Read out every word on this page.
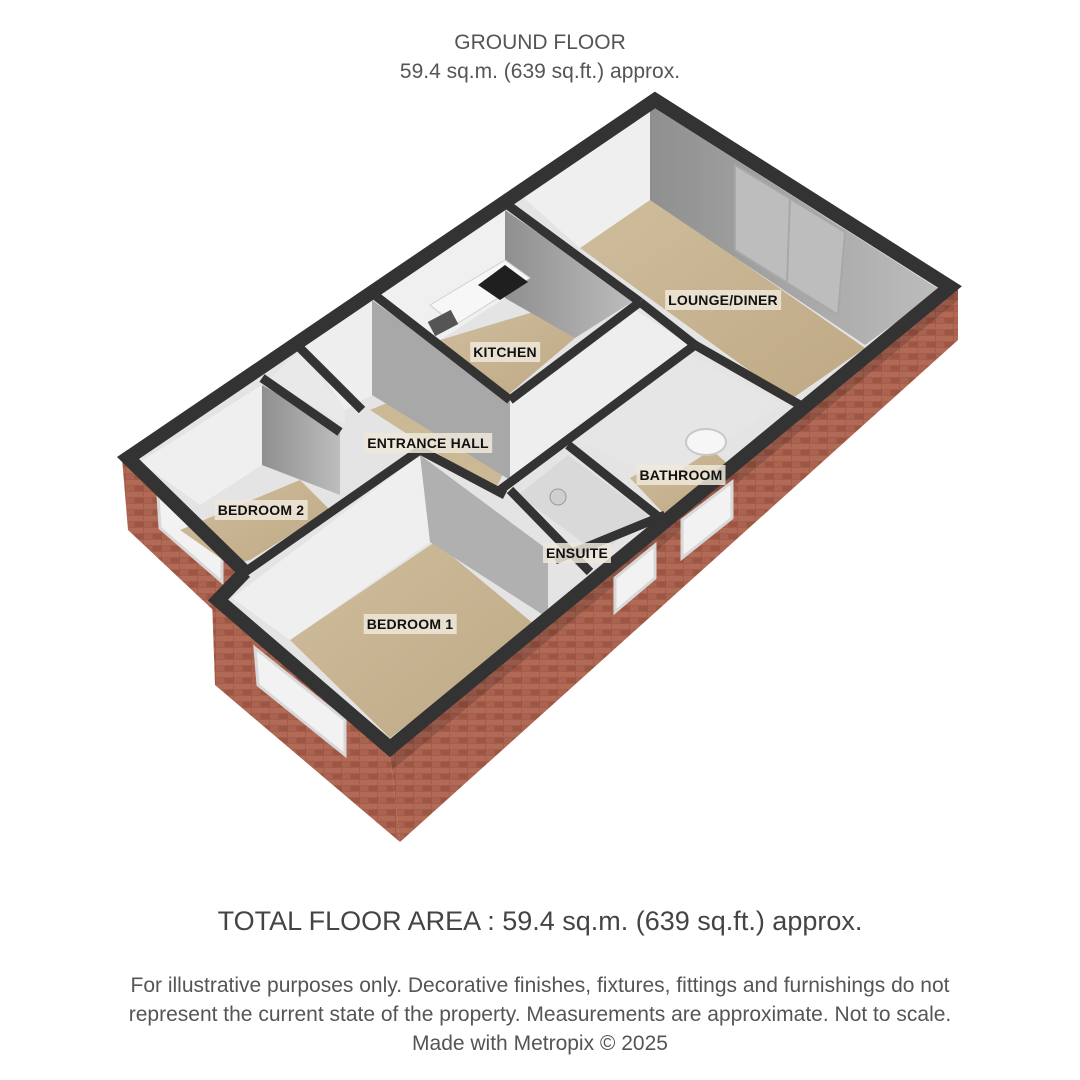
GROUND FLOOR
59.4 sq.m. (639 sq.ft.) approx.
LOUNGE/DINER
KITCHEN
ENTRANCE HALL
BATHROOM
BEDROOM 2
ENSUITE
BEDROOM 1
TOTAL FLOOR AREA : 59.4 sq.m. (639 sq.ft.) approx.
For illustrative purposes only. Decorative finishes, fixtures, fittings and furnishings do not
represent the current state of the property. Measurements are approximate. Not to scale.
Made with Metropix © 2025
